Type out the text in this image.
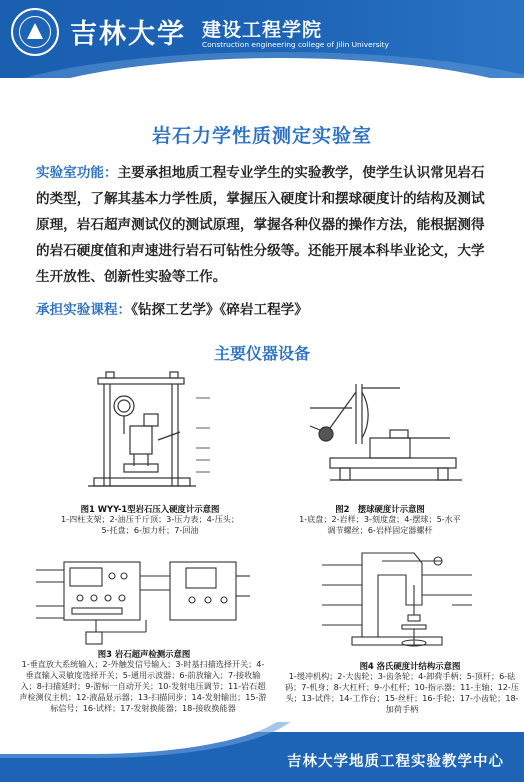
吉林大学 建设工程学院
Construction engineering college of Jilin University
岩石力学性质测定实验室
实验室功能：主要承担地质工程专业学生的实验教学，使学生认识常见岩石的类型，了解其基本力学性质，掌握压入硬度计和摆球硬度计的结构及测试原理，岩石超声测试仪的测试原理，掌握各种仪器的操作方法，能根据测得的岩石硬度值和声速进行岩石可钻性分级等。还能开展本科毕业论文，大学生开放性、创新性实验等工作。
承担实验课程：《钻探工艺学》《碎岩工程学》
主要仪器设备
图1 WYY-1型岩石压入硬度计示意图
1-四柱支架；2-油压千斤顶；3-压力表；4-压头；5-托盘；6-加力杆；7-回油
图2　摆球硬度计示意图
1-底盘；2-岩样；3-刻度盘；4-摆球；5-水平调节螺丝；6-岩样固定器螺杆
图3 岩石超声检测示意图
1-垂直放大系统输入；2-外触发信号输入；3-时基扫描选择开关；4-垂直输入灵敏度选择开关；5-通用示波器；6-前放输入；7-接收输入；8-扫描延时；9-游标一自动开关；10-发射电压调节；11-岩石超声检测仪主机；12-液晶显示器；13-扫描同步；14-发射输出；15-游标信号；16-试样；17-发射换能器；18-接收换能器
图4 洛氏硬度计结构示意图
1-缓冲机构；2-大齿轮；3-齿条轮；4-卸荷手柄；5-顶杆；6-砝码；7-机身；8-大杠杆；9-小杠杆；10-指示器；11-主轴；12-压头；13-试件；14-工作台；15-丝杆；16-手轮；17-小齿轮；18-加荷手柄
吉林大学地质工程实验教学中心
